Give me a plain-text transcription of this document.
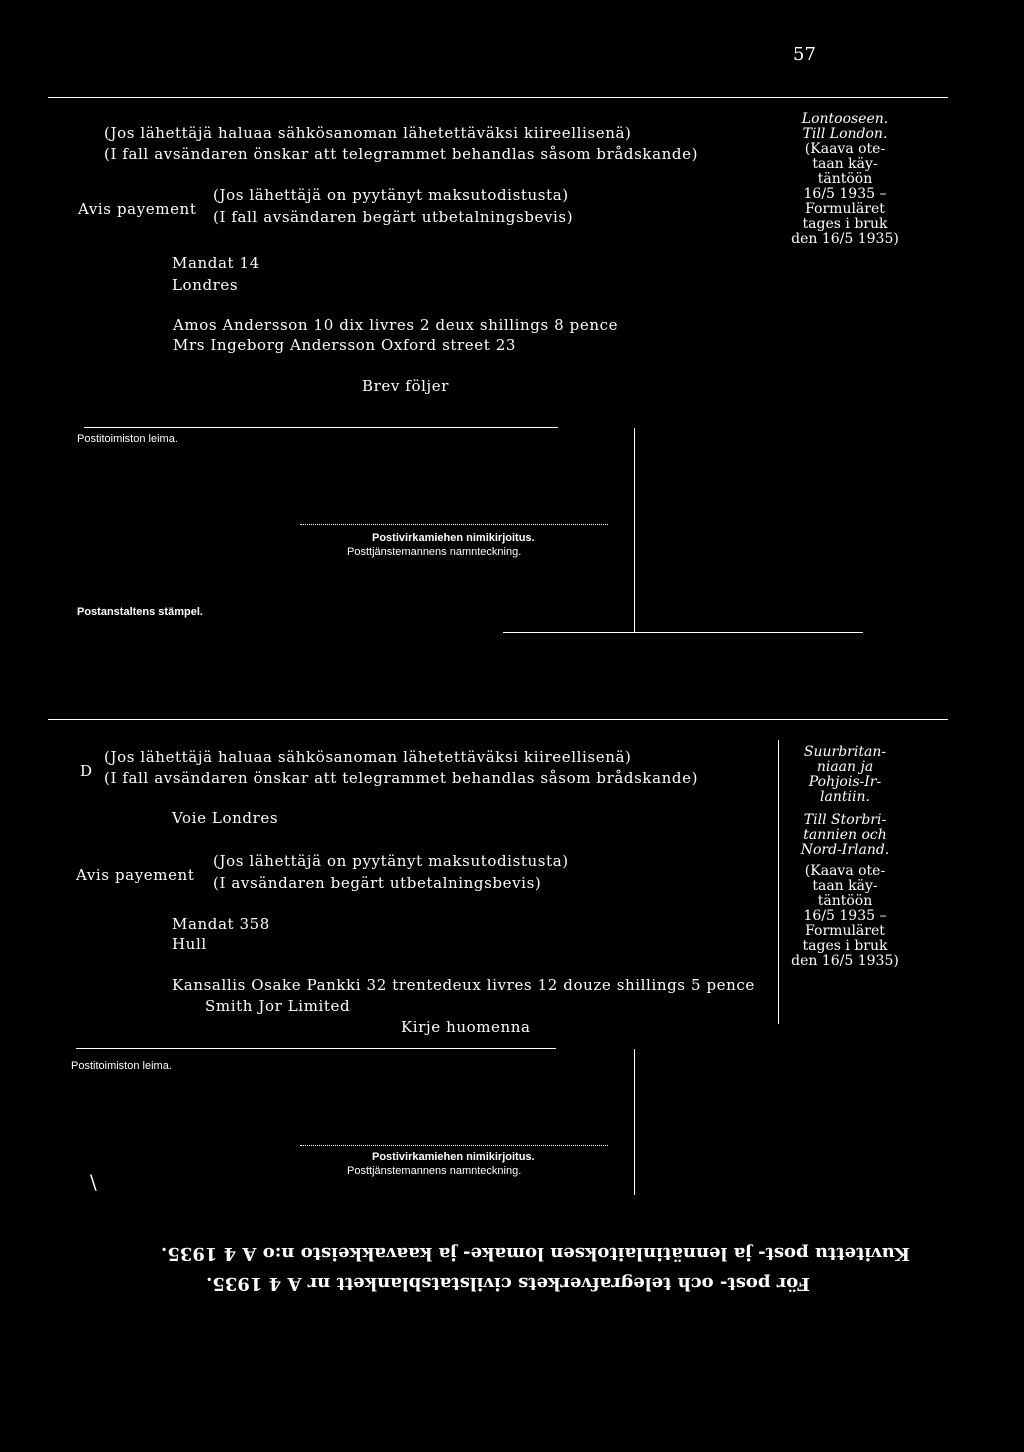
57
(Jos lähettäjä haluaa sähkösanoman lähetettäväksi kiireellisenä)
(I fall avsändaren önskar att telegrammet behandlas såsom brådskande)
Avis payement
(Jos lähettäjä on pyytänyt maksutodistusta)
(I fall avsändaren begärt utbetalningsbevis)
Mandat 14
Londres
Amos Andersson 10 dix livres 2 deux shillings 8 pence
Mrs Ingeborg Andersson Oxford street 23
Brev följer
Postitoimiston leima.
Postivirkamiehen nimikirjoitus.
Posttjänstemannens namnteckning.
Postanstaltens stämpel.
Lontooseen.
Till London.
(Kaava ote-
taan käy-
täntöön
16/5 1935 –
Formuläret
tages i bruk
den 16/5 1935)
D
(Jos lähettäjä haluaa sähkösanoman lähetettäväksi kiireellisenä)
(I fall avsändaren önskar att telegrammet behandlas såsom brådskande)
Voie Londres
Avis payement
(Jos lähettäjä on pyytänyt maksutodistusta)
(I avsändaren begärt utbetalningsbevis)
Mandat 358
Hull
Kansallis Osake Pankki 32 trentedeux livres 12 douze shillings 5 pence
Smith Jor Limited
Kirje huomenna
Postitoimiston leima.
Postivirkamiehen nimikirjoitus.
Posttjänstemannens namnteckning.
\
Suurbritan-
niaan ja
Pohjois-Ir-
lantiin.
Till Storbri-
tannien och
Nord-Irland.
(Kaava ote-
taan käy-
täntöön
16/5 1935 –
Formuläret
tages i bruk
den 16/5 1935)
För post- och telegrafverkets civilstatsblankett nr A 4 1935.
Kuvitettu post- ja lennätinlaitoksen lomake- ja kaavakkeisto n:o A 4 1935.
